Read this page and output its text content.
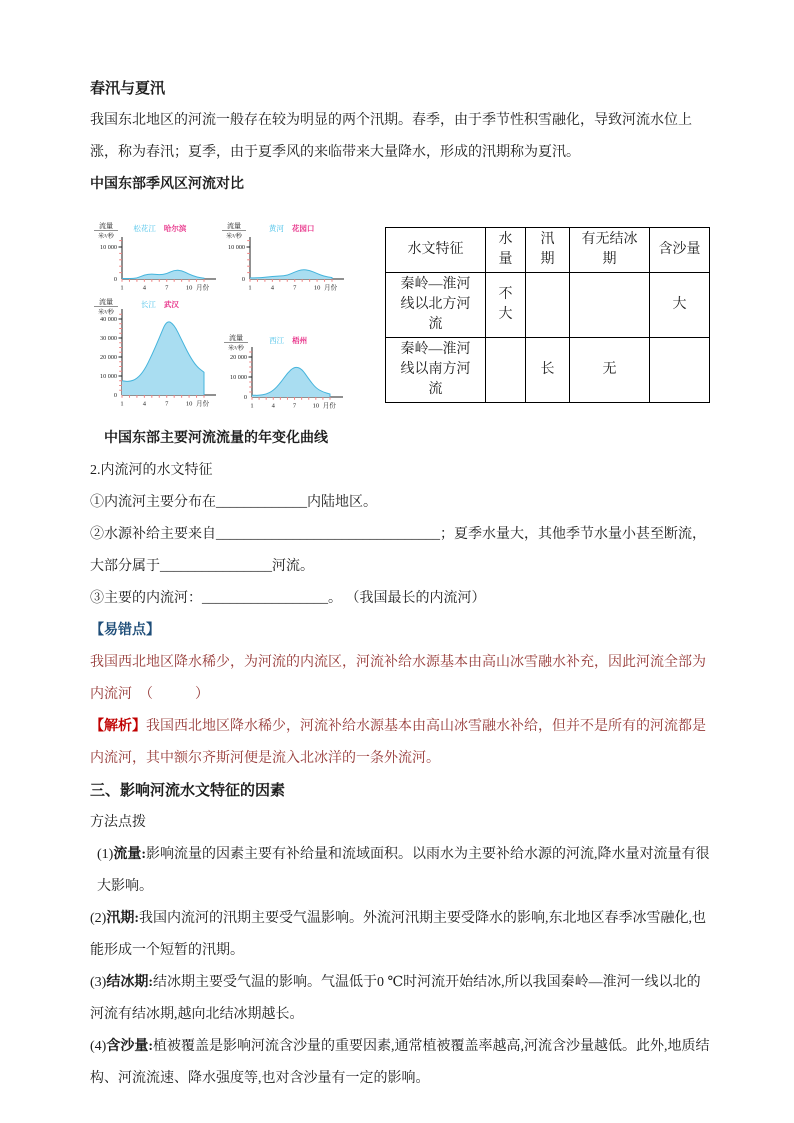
春汛与夏汛

我国东北地区的河流一般存在较为明显的两个汛期。春季，由于季节性积雪融化，导致河流水位上涨，称为春汛；夏季，由于夏季风的来临带来大量降水，形成的汛期称为夏汛。

中国东部季风区河流对比

流量
米³/秒
松花江 哈尔滨
10 000
0
1	4	7	10 月份
流量
米³/秒
黄河 花园口
10 000
0
1	4	7	10 月份
流量
米³/秒
长江 武汉
40 000
30 000
20 000
10 000
0
1	4	7	10 月份
流量
米³/秒
西江 梧州
20 000
10 000
0
1	4	7	10 月份
水文特征	水量	汛期	有无结冰期	含沙量
秦岭—淮河线以北方河流	不大			大
秦岭—淮河线以南方河流		长	无	

中国东部主要河流流量的年变化曲线

2.内流河的水文特征

①内流河主要分布在_____________内陆地区。

②水源补给主要来自________________________________；夏季水量大，其他季节水量小甚至断流，大部分属于________________河流。

③主要的内流河：__________________。 （我国最长的内流河）

【易错点】

我国西北地区降水稀少，为河流的内流区，河流补给水源基本由高山冰雪融水补充，因此河流全部为内流河　（　　　）

【解析】我国西北地区降水稀少，河流补给水源基本由高山冰雪融水补给，但并不是所有的河流都是内流河，其中额尔齐斯河便是流入北冰洋的一条外流河。

三、影响河流水文特征的因素

方法点拨

(1)流量:影响流量的因素主要有补给量和流域面积。以雨水为主要补给水源的河流,降水量对流量有很大影响。

(2)汛期:我国内流河的汛期主要受气温影响。外流河汛期主要受降水的影响,东北地区春季冰雪融化,也能形成一个短暂的汛期。

(3)结冰期:结冰期主要受气温的影响。气温低于0 ℃时河流开始结冰,所以我国秦岭—淮河一线以北的河流有结冰期,越向北结冰期越长。

(4)含沙量:植被覆盖是影响河流含沙量的重要因素,通常植被覆盖率越高,河流含沙量越低。此外,地质结构、河流流速、降水强度等,也对含沙量有一定的影响。
